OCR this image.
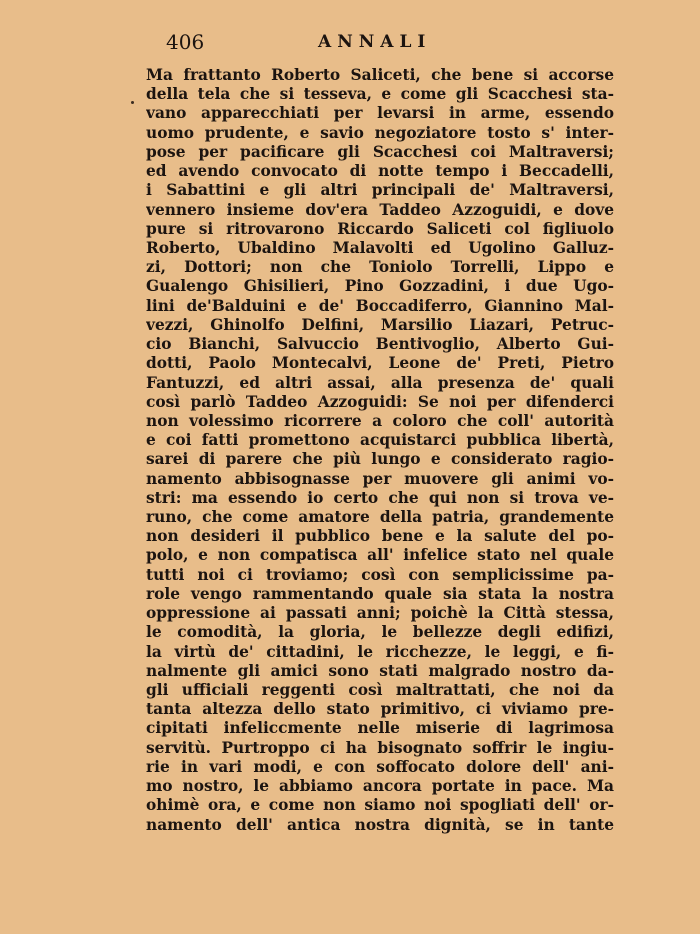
406	ANNALI
Ma frattanto Roberto Saliceti, che bene si accorse
della tela che si tesseva, e come gli Scacchesi sta-
vano apparecchiati per levarsi in arme, essendo
uomo prudente, e savio negoziatore tosto s' inter-
pose per pacificare gli Scacchesi coi Maltraversi;
ed avendo convocato di notte tempo i Beccadelli,
i Sabattini e gli altri principali de' Maltraversi,
vennero insieme dov'era Taddeo Azzoguidi, e dove
pure si ritrovarono Riccardo Saliceti col figliuolo
Roberto, Ubaldino Malavolti ed Ugolino Galluz-
zi, Dottori; non che Toniolo Torrelli, Lippo e
Gualengo Ghisilieri, Pino Gozzadini, i due Ugo-
lini de'Balduini e de' Boccadiferro, Giannino Mal-
vezzi, Ghinolfo Delfini, Marsilio Liazari, Petruc-
cio Bianchi, Salvuccio Bentivoglio, Alberto Gui-
dotti, Paolo Montecalvi, Leone de' Preti, Pietro
Fantuzzi, ed altri assai, alla presenza de' quali
così parlò Taddeo Azzoguidi: Se noi per difenderci
non volessimo ricorrere a coloro che coll' autorità
e coi fatti promettono acquistarci pubblica libertà,
sarei di parere che più lungo e considerato ragio-
namento abbisognasse per muovere gli animi vo-
stri: ma essendo io certo che qui non si trova ve-
runo, che come amatore della patria, grandemente
non desideri il pubblico bene e la salute del po-
polo, e non compatisca all' infelice stato nel quale
tutti noi ci troviamo; così con semplicissime pa-
role vengo rammentando quale sia stata la nostra
oppressione ai passati anni; poichè la Città stessa,
le comodità, la gloria, le bellezze degli edifizi,
la virtù de' cittadini, le ricchezze, le leggi, e fi-
nalmente gli amici sono stati malgrado nostro da-
gli ufficiali reggenti così maltrattati, che noi da
tanta altezza dello stato primitivo, ci viviamo pre-
cipitati infeliccmente nelle miserie di lagrimosa
servitù. Purtroppo ci ha bisognato soffrir le ingiu-
rie in vari modi, e con soffocato dolore dell' ani-
mo nostro, le abbiamo ancora portate in pace. Ma
ohimè ora, e come non siamo noi spogliati dell' or-
namento dell' antica nostra dignità, se in tante
